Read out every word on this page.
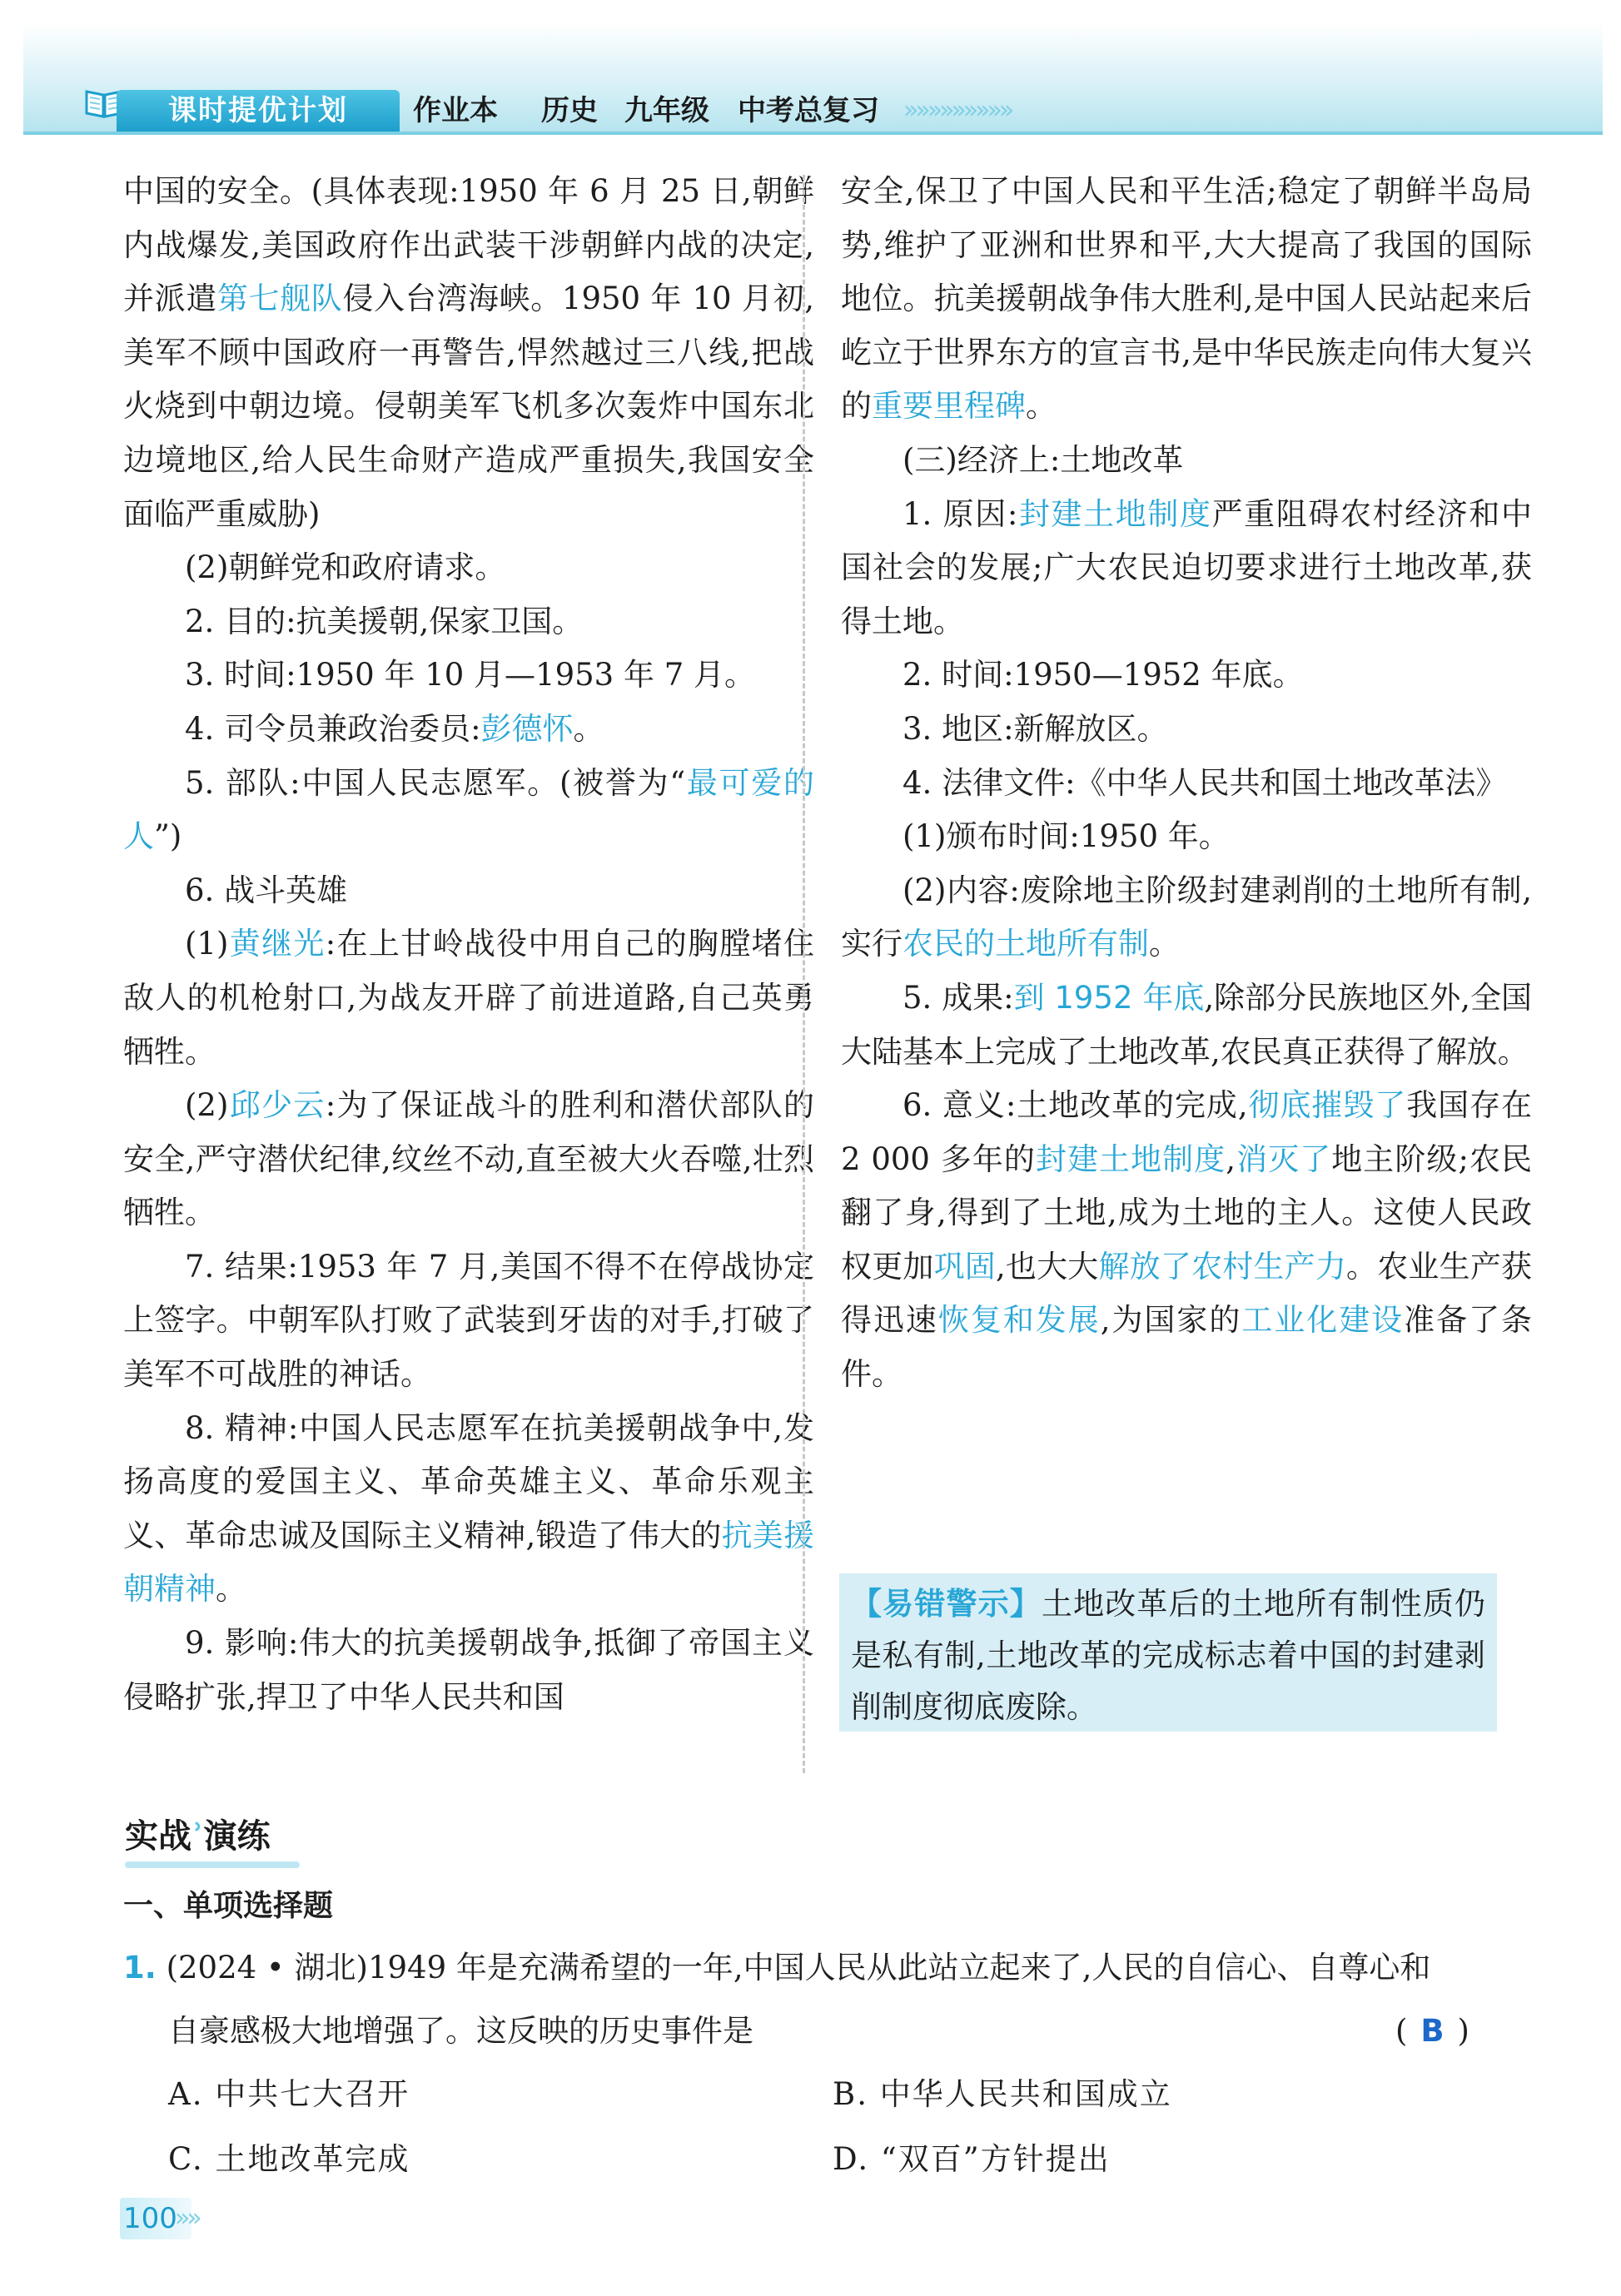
课时提优计划	作业本 历史 九年级 中考总复习 »»»»»»»»»

中国的安全。(具体表现:1950 年 6 月 25 日,朝鲜内战爆发,美国政府作出武装干涉朝鲜内战的决定,并派遣第七舰队侵入台湾海峡。1950 年 10 月初,美军不顾中国政府一再警告,悍然越过三八线,把战火烧到中朝边境。侵朝美军飞机多次轰炸中国东北边境地区,给人民生命财产造成严重损失,我国安全面临严重威胁)

(2)朝鲜党和政府请求。

2. 目的:抗美援朝,保家卫国。

3. 时间:1950 年 10 月—1953 年 7 月。

4. 司令员兼政治委员:彭德怀。

5. 部队:中国人民志愿军。(被誉为“最可爱的人”)

6. 战斗英雄

(1)黄继光:在上甘岭战役中用自己的胸膛堵住敌人的机枪射口,为战友开辟了前进道路,自己英勇牺牲。

(2)邱少云:为了保证战斗的胜利和潜伏部队的安全,严守潜伏纪律,纹丝不动,直至被大火吞噬,壮烈牺牲。

7. 结果:1953 年 7 月,美国不得不在停战协定上签字。中朝军队打败了武装到牙齿的对手,打破了美军不可战胜的神话。

8. 精神:中国人民志愿军在抗美援朝战争中,发扬高度的爱国主义、革命英雄主义、革命乐观主义、革命忠诚及国际主义精神,锻造了伟大的抗美援朝精神。

9. 影响:伟大的抗美援朝战争,抵御了帝国主义侵略扩张,捍卫了中华人民共和国

安全,保卫了中国人民和平生活;稳定了朝鲜半岛局势,维护了亚洲和世界和平,大大提高了我国的国际地位。抗美援朝战争伟大胜利,是中国人民站起来后屹立于世界东方的宣言书,是中华民族走向伟大复兴的重要里程碑。

(三)经济上:土地改革

1. 原因:封建土地制度严重阻碍农村经济和中国社会的发展;广大农民迫切要求进行土地改革,获得土地。

2. 时间:1950—1952 年底。

3. 地区:新解放区。

4. 法律文件:《中华人民共和国土地改革法》

(1)颁布时间:1950 年。

(2)内容:废除地主阶级封建剥削的土地所有制,实行农民的土地所有制。

5. 成果:到 1952 年底,除部分民族地区外,全国大陆基本上完成了土地改革,农民真正获得了解放。

6. 意义:土地改革的完成,彻底摧毁了我国存在 2 000 多年的封建土地制度,消灭了地主阶级;农民翻了身,得到了土地,成为土地的主人。这使人民政权更加巩固,也大大解放了农村生产力。农业生产获得迅速恢复和发展,为国家的工业化建设准备了条件。

【易错警示】土地改革后的土地所有制性质仍是私有制,土地改革的完成标志着中国的封建剥削制度彻底废除。
实战ʾ演练
一、单项选择题
1. (2024 • 湖北)1949 年是充满希望的一年,中国人民从此站立起来了,人民的自信心、自尊心和
自豪感极大地增强了。这反映的历史事件是	( B )
A. 中共七大召开	B. 中华人民共和国成立
C. 土地改革完成	D. “双百”方针提出
100
»»
